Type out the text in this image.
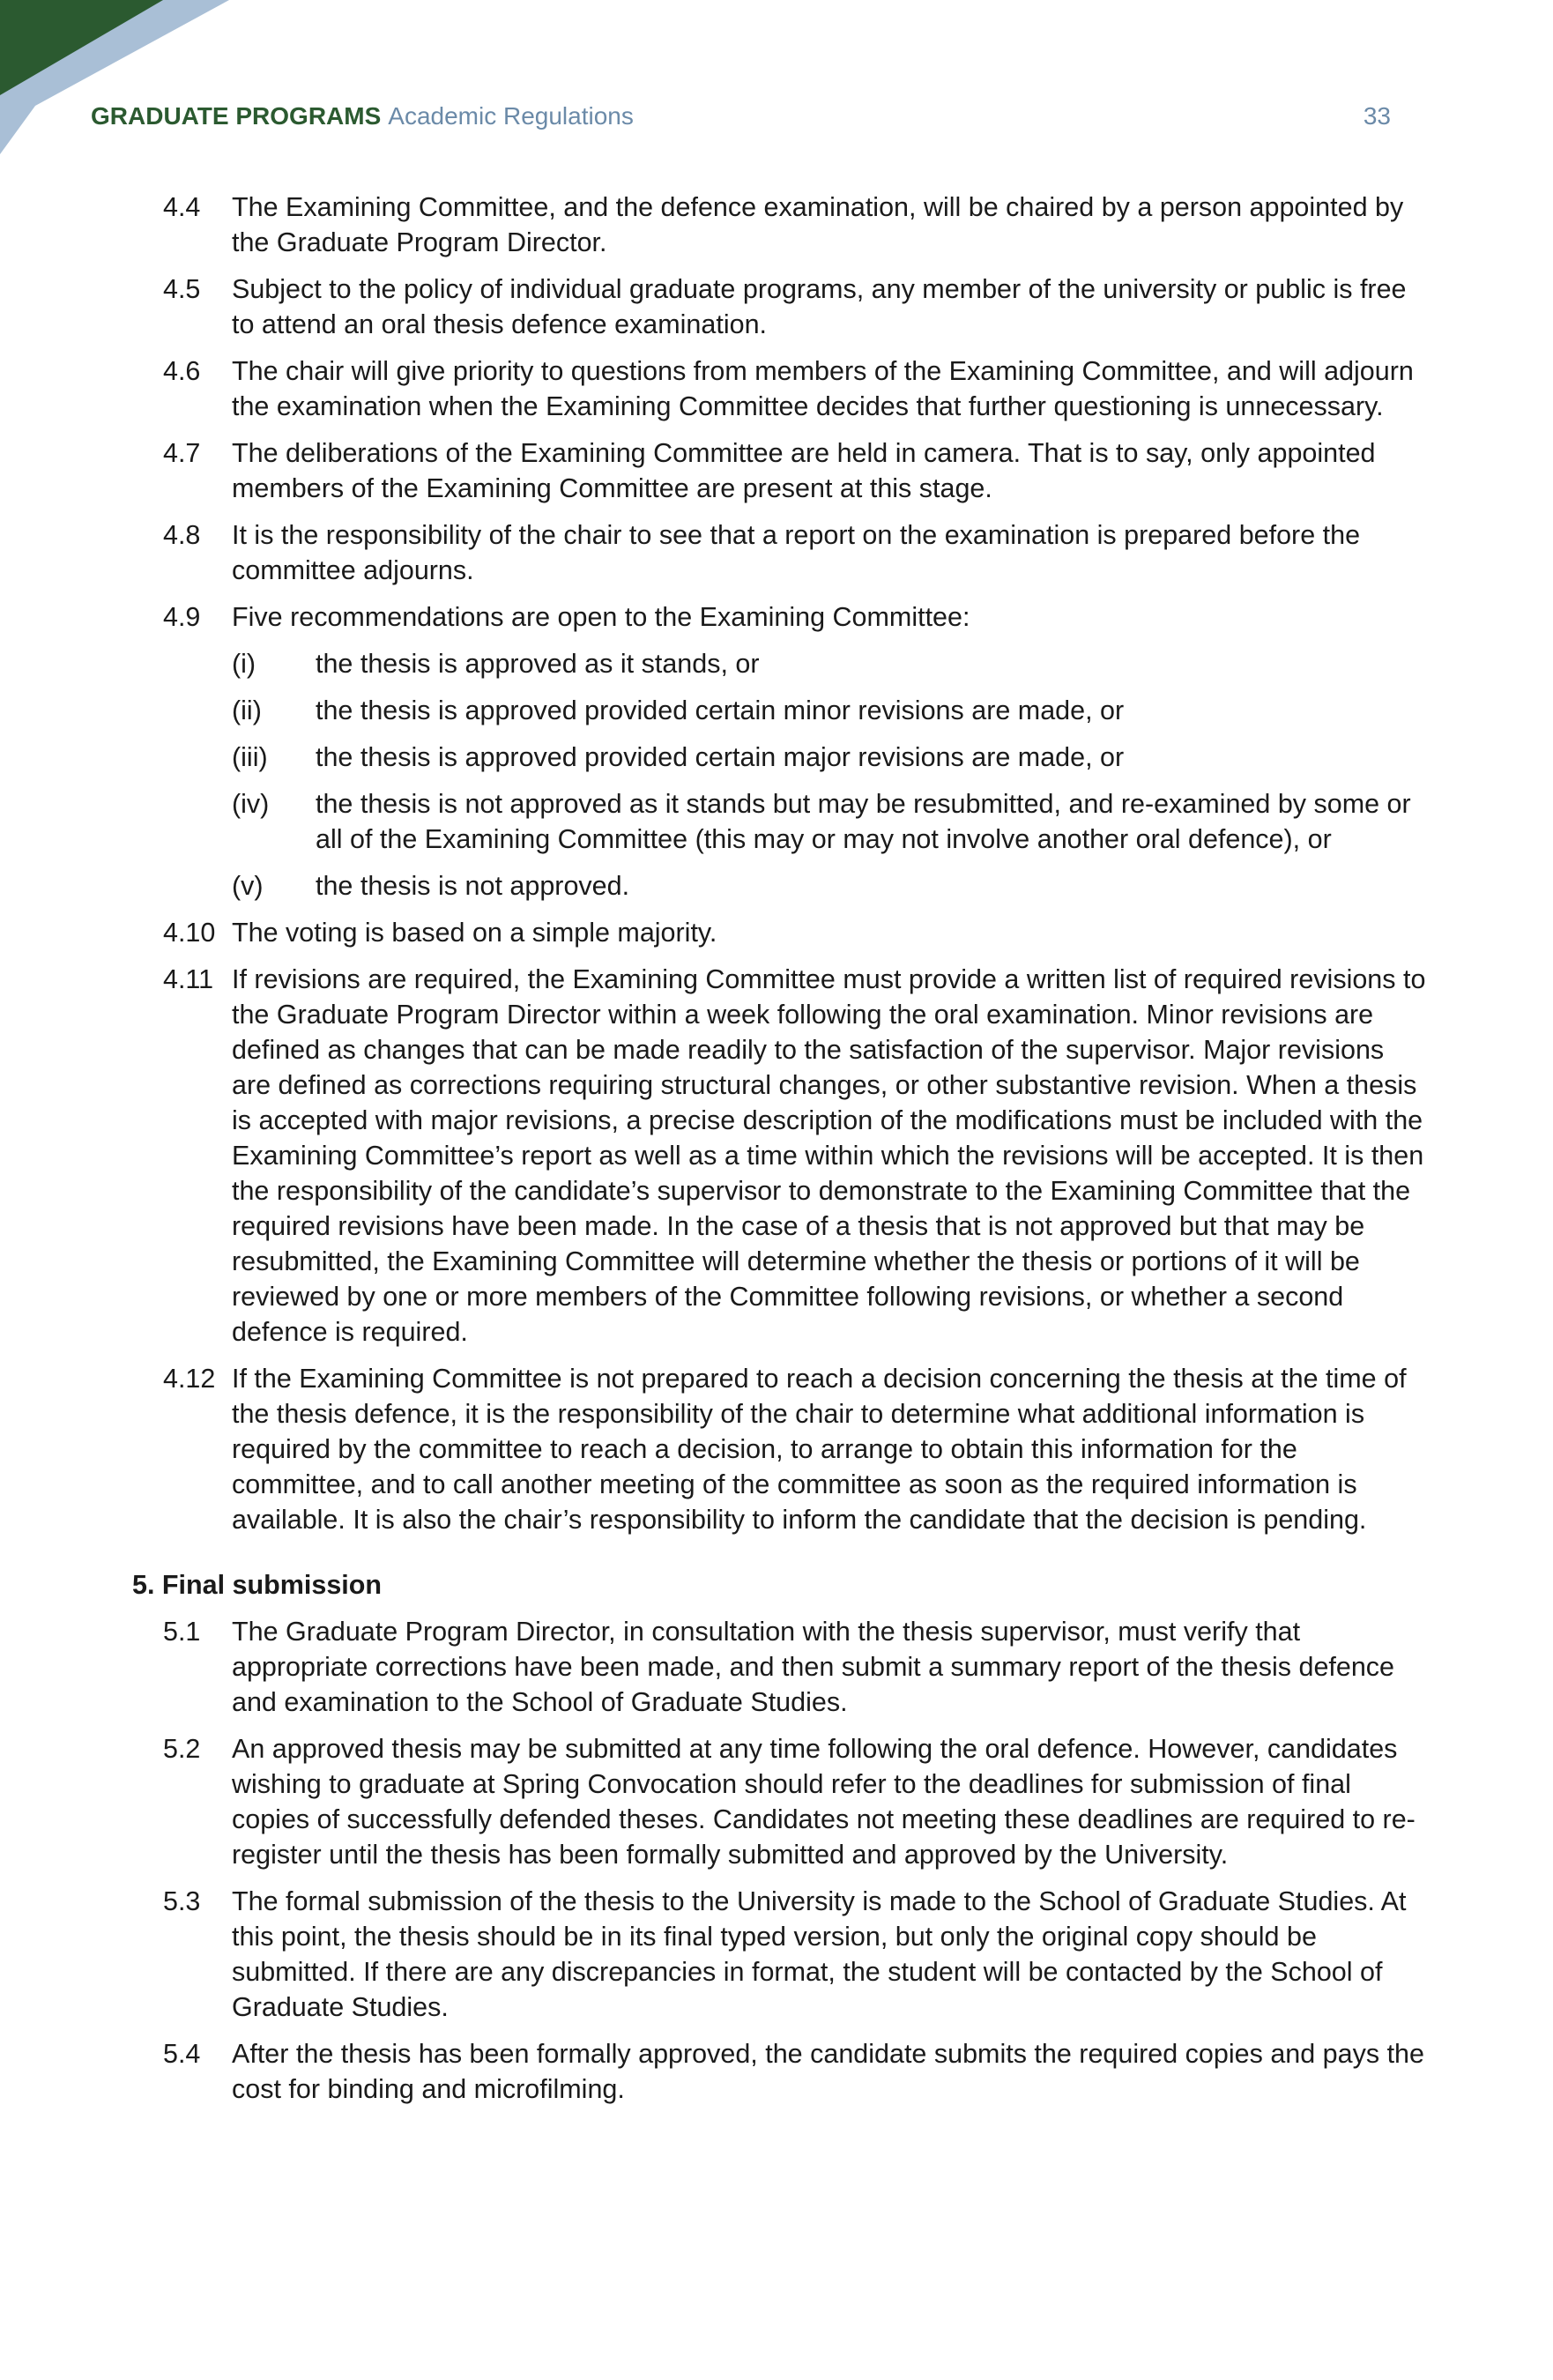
GRADUATE PROGRAMS Academic Regulations	33
4.4 The Examining Committee, and the defence examination, will be chaired by a person appointed by the Graduate Program Director.
4.5 Subject to the policy of individual graduate programs, any member of the university or public is free to attend an oral thesis defence examination.
4.6 The chair will give priority to questions from members of the Examining Committee, and will adjourn the examination when the Examining Committee decides that further questioning is unnecessary.
4.7 The deliberations of the Examining Committee are held in camera. That is to say, only appointed members of the Examining Committee are present at this stage.
4.8 It is the responsibility of the chair to see that a report on the examination is prepared before the committee adjourns.
4.9 Five recommendations are open to the Examining Committee:
(i) the thesis is approved as it stands, or
(ii) the thesis is approved provided certain minor revisions are made, or
(iii) the thesis is approved provided certain major revisions are made, or
(iv) the thesis is not approved as it stands but may be resubmitted, and re-examined by some or all of the Examining Committee (this may or may not involve another oral defence), or
(v) the thesis is not approved.
4.10 The voting is based on a simple majority.
4.11 If revisions are required, the Examining Committee must provide a written list of required revisions to the Graduate Program Director within a week following the oral examination. Minor revisions are defined as changes that can be made readily to the satisfaction of the supervisor. Major revisions are defined as corrections requiring structural changes, or other substantive revision. When a thesis is accepted with major revisions, a precise description of the modifications must be included with the Examining Committee’s report as well as a time within which the revisions will be accepted. It is then the responsibility of the candidate’s supervisor to demonstrate to the Examining Committee that the required revisions have been made. In the case of a thesis that is not approved but that may be resubmitted, the Examining Committee will determine whether the thesis or portions of it will be reviewed by one or more members of the Committee following revisions, or whether a second defence is required.
4.12 If the Examining Committee is not prepared to reach a decision concerning the thesis at the time of the thesis defence, it is the responsibility of the chair to determine what additional information is required by the committee to reach a decision, to arrange to obtain this information for the committee, and to call another meeting of the committee as soon as the required information is available. It is also the chair’s responsibility to inform the candidate that the decision is pending.
5. Final submission
5.1 The Graduate Program Director, in consultation with the thesis supervisor, must verify that appropriate corrections have been made, and then submit a summary report of the thesis defence and examination to the School of Graduate Studies.
5.2 An approved thesis may be submitted at any time following the oral defence. However, candidates wishing to graduate at Spring Convocation should refer to the deadlines for submission of final copies of successfully defended theses. Candidates not meeting these deadlines are required to re-register until the thesis has been formally submitted and approved by the University.
5.3 The formal submission of the thesis to the University is made to the School of Graduate Studies. At this point, the thesis should be in its final typed version, but only the original copy should be submitted. If there are any discrepancies in format, the student will be contacted by the School of Graduate Studies.
5.4 After the thesis has been formally approved, the candidate submits the required copies and pays the cost for binding and microfilming.
